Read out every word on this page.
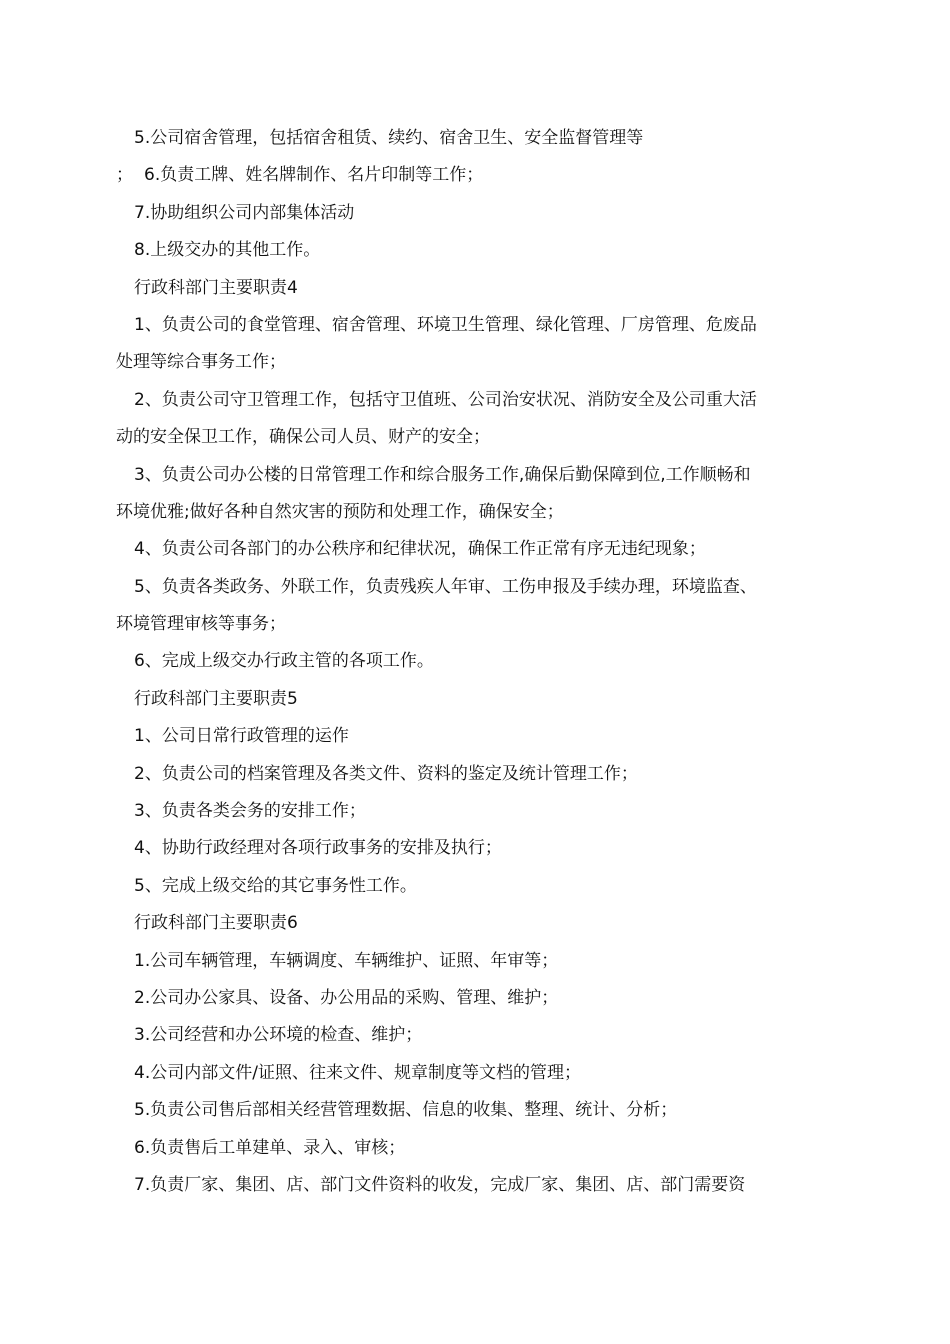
5.公司宿舍管理，包括宿舍租赁、续约、宿舍卫生、安全监督管理等
； 6.负责工牌、姓名牌制作、名片印制等工作；
7.协助组织公司内部集体活动
8.上级交办的其他工作。
行政科部门主要职责4
1、负责公司的食堂管理、宿舍管理、环境卫生管理、绿化管理、厂房管理、危废品
处理等综合事务工作；
2、负责公司守卫管理工作，包括守卫值班、公司治安状况、消防安全及公司重大活
动的安全保卫工作，确保公司人员、财产的安全；
3、负责公司办公楼的日常管理工作和综合服务工作,确保后勤保障到位,工作顺畅和
环境优雅;做好各种自然灾害的预防和处理工作，确保安全；
4、负责公司各部门的办公秩序和纪律状况，确保工作正常有序无违纪现象；
5、负责各类政务、外联工作，负责残疾人年审、工伤申报及手续办理，环境监查、
环境管理审核等事务；
6、完成上级交办行政主管的各项工作。
行政科部门主要职责5
1、公司日常行政管理的运作
2、负责公司的档案管理及各类文件、资料的鉴定及统计管理工作；
3、负责各类会务的安排工作；
4、协助行政经理对各项行政事务的安排及执行；
5、完成上级交给的其它事务性工作。
行政科部门主要职责6
1.公司车辆管理，车辆调度、车辆维护、证照、年审等；
2.公司办公家具、设备、办公用品的采购、管理、维护；
3.公司经营和办公环境的检查、维护；
4.公司内部文件/证照、往来文件、规章制度等文档的管理；
5.负责公司售后部相关经营管理数据、信息的收集、整理、统计、分析；
6.负责售后工单建单、录入、审核；
7.负责厂家、集团、店、部门文件资料的收发，完成厂家、集团、店、部门需要资
